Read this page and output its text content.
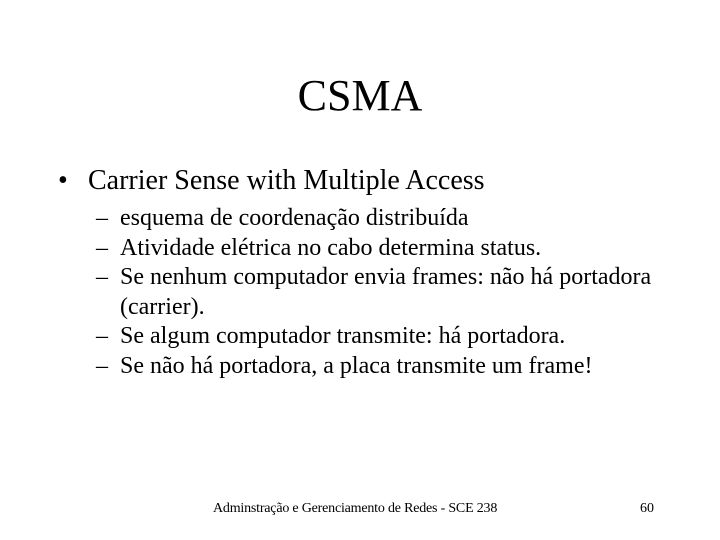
CSMA
• Carrier Sense with Multiple Access
– esquema de coordenação distribuída
– Atividade elétrica no cabo determina status.
– Se nenhum computador envia frames: não há portadora (carrier).
– Se algum computador transmite: há portadora.
– Se não há portadora, a placa transmite um frame!
Adminstração e Gerenciamento de Redes - SCE 238	60
